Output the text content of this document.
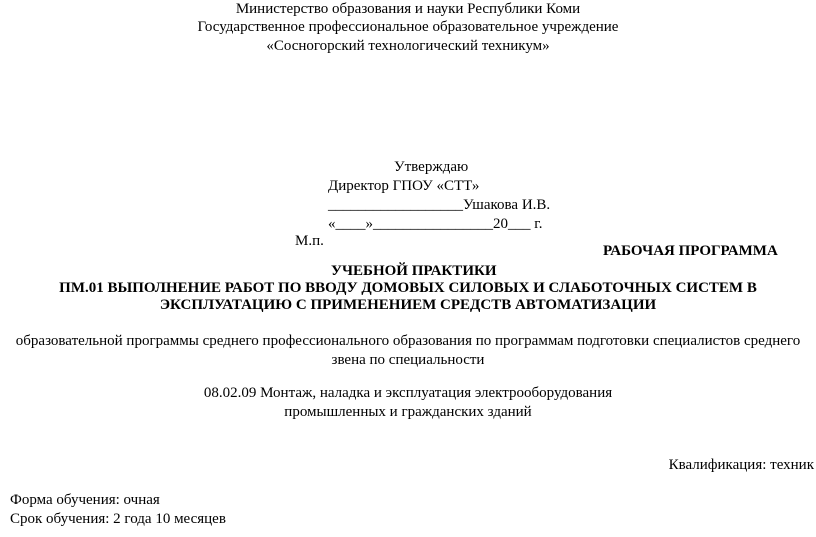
Министерство образования и науки Республики Коми
Государственное профессиональное образовательное учреждение
«Сосногорский технологический техникум»
Утверждаю
Директор ГПОУ «СТТ»
__________________Ушакова И.В.
«____»________________20___ г.
М.п.
РАБОЧАЯ ПРОГРАММА
УЧЕБНОЙ ПРАКТИКИ
ПМ.01 ВЫПОЛНЕНИЕ РАБОТ ПО ВВОДУ ДОМОВЫХ СИЛОВЫХ И СЛАБОТОЧНЫХ СИСТЕМ В
ЭКСПЛУАТАЦИЮ С ПРИМЕНЕНИЕМ СРЕДСТВ АВТОМАТИЗАЦИИ
образовательной программы среднего профессионального образования по программам подготовки специалистов среднего
звена по специальности
08.02.09 Монтаж, наладка и эксплуатация электрооборудования
промышленных и гражданских зданий
Квалификация: техник
Форма обучения: очная
Срок обучения: 2 года 10 месяцев
